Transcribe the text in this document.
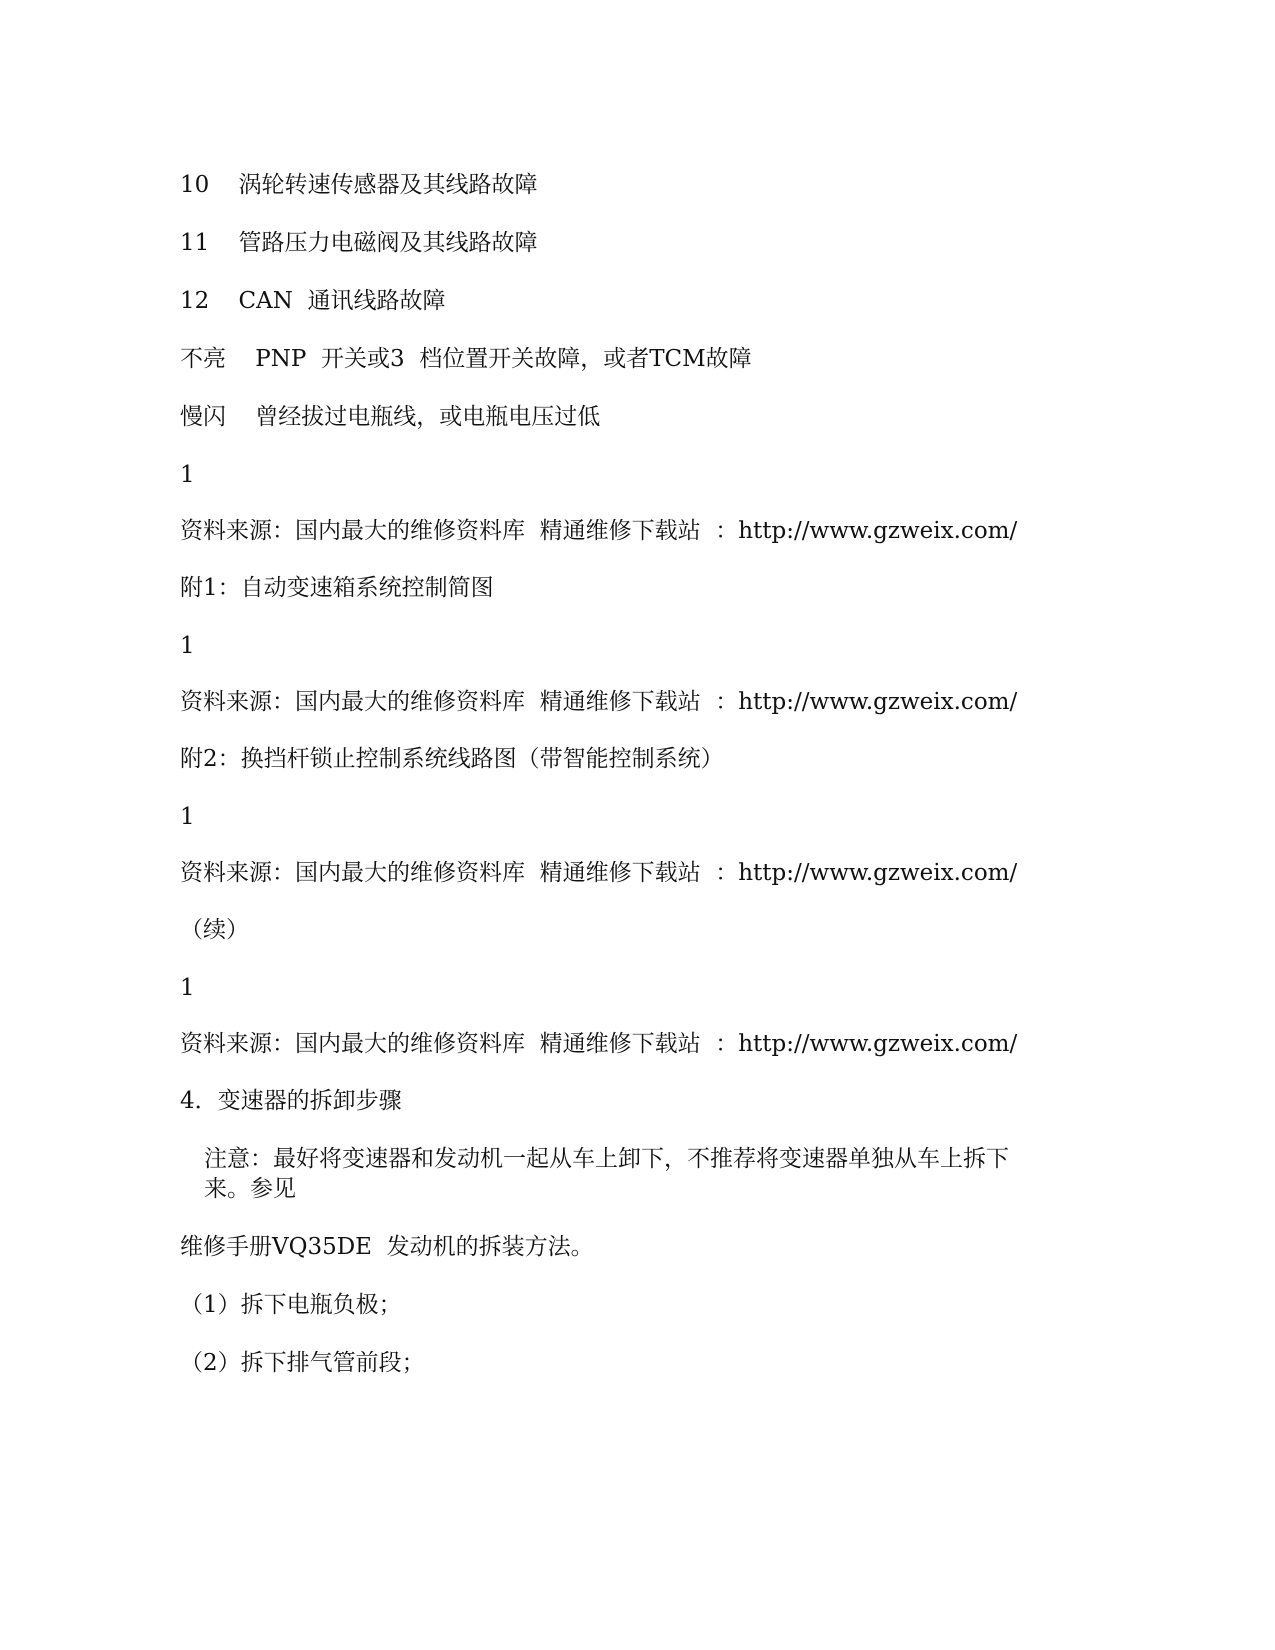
10    涡轮转速传感器及其线路故障

11    管路压力电磁阀及其线路故障

12    CAN  通讯线路故障

不亮    PNP  开关或3  档位置开关故障，或者TCM故障

慢闪    曾经拔过电瓶线，或电瓶电压过低

1

资料来源：国内最大的维修资料库  精通维修下载站  ：http://www.gzweix.com/

附1：自动变速箱系统控制简图

1

资料来源：国内最大的维修资料库  精通维修下载站  ：http://www.gzweix.com/

附2：换挡杆锁止控制系统线路图（带智能控制系统）

1

资料来源：国内最大的维修资料库  精通维修下载站  ：http://www.gzweix.com/

（续）

1

资料来源：国内最大的维修资料库  精通维修下载站  ：http://www.gzweix.com/

4．变速器的拆卸步骤

注意：最好将变速器和发动机一起从车上卸下，不推荐将变速器单独从车上拆下来。参见

维修手册VQ35DE  发动机的拆装方法。

（1）拆下电瓶负极；

（2）拆下排气管前段；
